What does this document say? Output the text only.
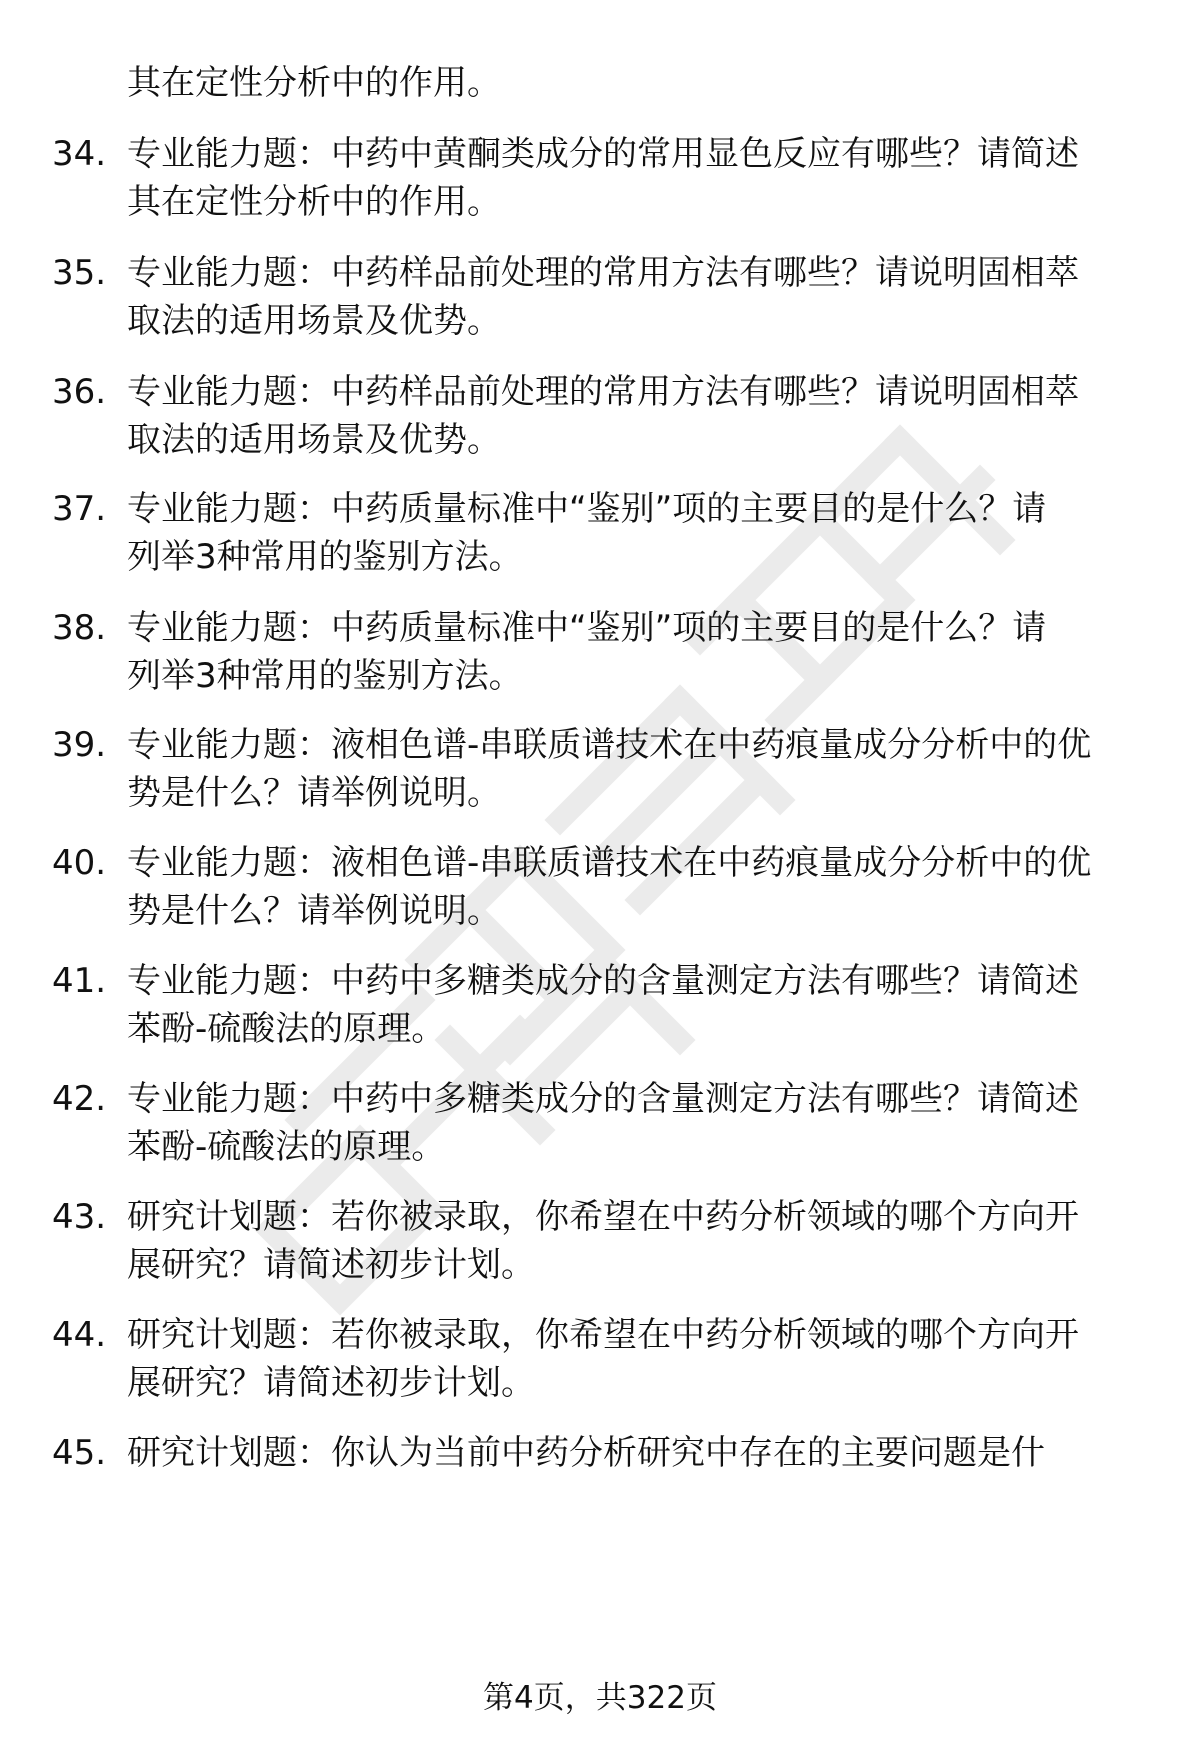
其在定性分析中的作用。
34. 专业能力题：中药中黄酮类成分的常用显色反应有哪些？请简述
其在定性分析中的作用。
35. 专业能力题：中药样品前处理的常用方法有哪些？请说明固相萃
取法的适用场景及优势。
36. 专业能力题：中药样品前处理的常用方法有哪些？请说明固相萃
取法的适用场景及优势。
37. 专业能力题：中药质量标准中“鉴别”项的主要目的是什么？请
列举3种常用的鉴别方法。
38. 专业能力题：中药质量标准中“鉴别”项的主要目的是什么？请
列举3种常用的鉴别方法。
39. 专业能力题：液相色谱-串联质谱技术在中药痕量成分分析中的优
势是什么？请举例说明。
40. 专业能力题：液相色谱-串联质谱技术在中药痕量成分分析中的优
势是什么？请举例说明。
41. 专业能力题：中药中多糖类成分的含量测定方法有哪些？请简述
苯酚-硫酸法的原理。
42. 专业能力题：中药中多糖类成分的含量测定方法有哪些？请简述
苯酚-硫酸法的原理。
43. 研究计划题：若你被录取，你希望在中药分析领域的哪个方向开
展研究？请简述初步计划。
44. 研究计划题：若你被录取，你希望在中药分析领域的哪个方向开
展研究？请简述初步计划。
45. 研究计划题：你认为当前中药分析研究中存在的主要问题是什
第4页，共322页
